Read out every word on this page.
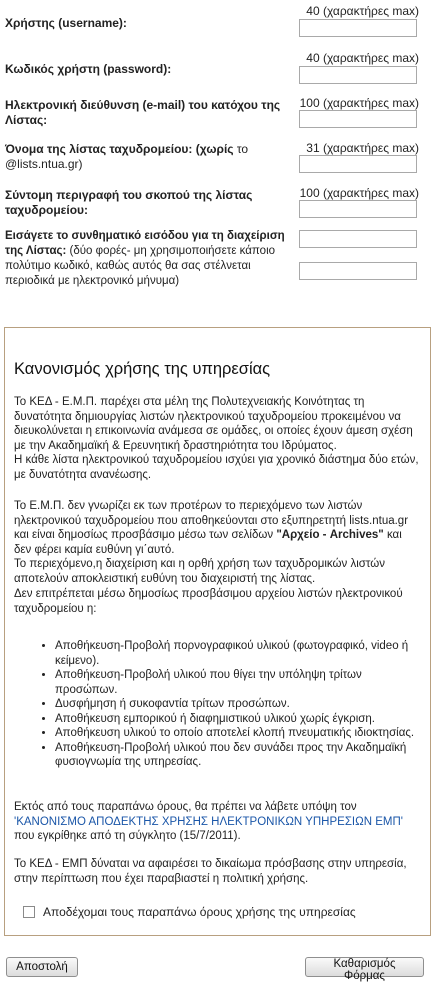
Χρήστης (username):
40 (χαρακτήρες max)
Κωδικός χρήστη (password):
40 (χαρακτήρες max)
Ηλεκτρονική διεύθυνση (e-mail) του κατόχου της Λίστας:
100 (χαρακτήρες max)
Όνομα της λίστας ταχυδρομείου: (χωρίς το @lists.ntua.gr)
31 (χαρακτήρες max)
Σύντομη περιγραφή του σκοπού της λίστας ταχυδρομείου:
100 (χαρακτήρες max)
Εισάγετε το συνθηματικό εισόδου για τη διαχείριση της Λίστας: (δύο φορές- μη χρησιμοποιήσετε κάποιο πολύτιμο κωδικό, καθώς αυτός θα σας στέλνεται περιοδικά με ηλεκτρονικό μήνυμα)
Κανονισμός χρήσης της υπηρεσίας
Το ΚΕΔ - Ε.Μ.Π. παρέχει στα μέλη της Πολυτεχνειακής Κοινότητας τη δυνατότητα δημιουργίας λιστών ηλεκτρονικού ταχυδρομείου προκειμένου να διευκολύνεται η επικοινωνία ανάμεσα σε ομάδες, οι οποίες έχουν άμεση σχέση με την Ακαδημαϊκή & Ερευνητική δραστηριότητα του Ιδρύματος.
Η κάθε λίστα ηλεκτρονικού ταχυδρομείου ισχύει για χρονικό διάστημα δύο ετών, με δυνατότητα ανανέωσης.
Το Ε.Μ.Π. δεν γνωρίζει εκ των προτέρων το περιεχόμενο των λιστών ηλεκτρονικού ταχυδρομείου που αποθηκεύονται στο εξυπηρετητή lists.ntua.gr και είναι δημοσίως προσβάσιμο μέσω των σελίδων "Αρχείο - Archives" και δεν φέρει καμία ευθύνη γι΄αυτό.
Το περιεχόμενο,η διαχείριση και η ορθή χρήση των ταχυδρομικών λιστών αποτελούν αποκλειστική ευθύνη του διαχειριστή της λίστας.
Δεν επιτρέπεται μέσω δημοσίως προσβάσιμου αρχείου λιστών ηλεκτρονικού ταχυδρομείου η:
• Αποθήκευση-Προβολή πορνογραφικού υλικού (φωτογραφικό, video ή κείμενο).
• Αποθήκευση-Προβολή υλικού που θίγει την υπόληψη τρίτων προσώπων.
• Δυσφήμηση ή συκοφαντία τρίτων προσώπων.
• Αποθήκευση εμπορικού ή διαφημιστικού υλικού χωρίς έγκριση.
• Αποθήκευση υλικού το οποίο αποτελεί κλοπή πνευματικής ιδιοκτησίας.
• Αποθήκευση-Προβολή υλικού που δεν συνάδει προς την Ακαδημαϊκή φυσιογνωμία της υπηρεσίας.
Εκτός από τους παραπάνω όρους, θα πρέπει να λάβετε υπόψη τον 'ΚΑΝΟΝΙΣΜΟ ΑΠΟΔΕΚΤΗΣ ΧΡΗΣΗΣ ΗΛΕΚΤΡΟΝΙΚΩΝ ΥΠΗΡΕΣΙΩΝ ΕΜΠ' που εγκρίθηκε από τη σύγκλητο (15/7/2011).
Το ΚΕΔ - ΕΜΠ δύναται να αφαιρέσει το δικαίωμα πρόσβασης στην υπηρεσία, στην περίπτωση που έχει παραβιαστεί η πολιτική χρήσης.
Αποδέχομαι τους παραπάνω όρους χρήσης της υπηρεσίας
Αποστολή	Καθαρισμός Φόρμας
